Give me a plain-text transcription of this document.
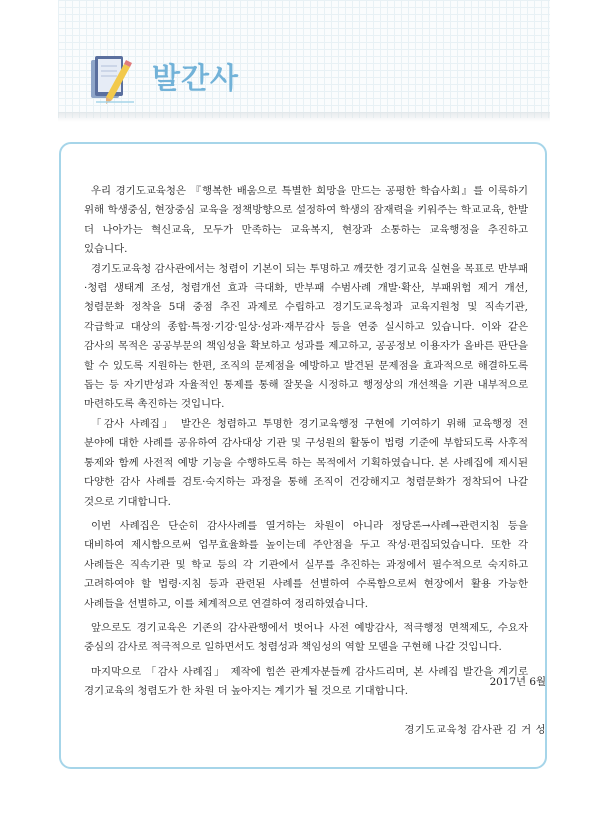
발간사

우리 경기도교육청은 『행복한 배움으로 특별한 희망을 만드는 공평한 학습사회』를 이룩하기 위해 학생중심, 현장중심 교육을 정책방향으로 설정하여 학생의 잠재력을 키워주는 학교교육, 한발 더 나아가는 혁신교육, 모두가 만족하는 교육복지, 현장과 소통하는 교육행정을 추진하고 있습니다.

경기도교육청 감사관에서는 청렴이 기본이 되는 투명하고 깨끗한 경기교육 실현을 목표로 반부패·청렴 생태계 조성, 청렴개선 효과 극대화, 반부패 수범사례 개발·확산, 부패위험 제거 개선, 청렴문화 정착을 5대 중점 추진 과제로 수립하고 경기도교육청과 교육지원청 및 직속기관, 각급학교 대상의 종합·특정·기강·일상·성과·재무감사 등을 연중 실시하고 있습니다. 이와 같은 감사의 목적은 공공부문의 책임성을 확보하고 성과를 제고하고, 공공정보 이용자가 올바른 판단을 할 수 있도록 지원하는 한편, 조직의 문제점을 예방하고 발견된 문제점을 효과적으로 해결하도록 돕는 등 자기반성과 자율적인 통제를 통해 잘못을 시정하고 행정상의 개선책을 기관 내부적으로 마련하도록 촉진하는 것입니다.

「감사 사례집」 발간은 청렴하고 투명한 경기교육행정 구현에 기여하기 위해 교육행정 전 분야에 대한 사례를 공유하여 감사대상 기관 및 구성원의 활동이 법령 기준에 부합되도록 사후적 통제와 함께 사전적 예방 기능을 수행하도록 하는 목적에서 기획하였습니다. 본 사례집에 제시된 다양한 감사 사례를 검토·숙지하는 과정을 통해 조직이 건강해지고 청렴문화가 정착되어 나갈 것으로 기대합니다.

이번 사례집은 단순히 감사사례를 열거하는 차원이 아니라 정당론→사례→관련지침 등을 대비하여 제시함으로써 업무효율화를 높이는데 주안점을 두고 작성·편집되었습니다. 또한 각 사례들은 직속기관 및 학교 등의 각 기관에서 실무를 추진하는 과정에서 필수적으로 숙지하고 고려하여야 할 법령·지침 등과 관련된 사례를 선별하여 수록함으로써 현장에서 활용 가능한 사례들을 선별하고, 이를 체계적으로 연결하여 정리하였습니다.

앞으로도 경기교육은 기존의 감사관행에서 벗어나 사전 예방감사, 적극행정 면책제도, 수요자 중심의 감사로 적극적으로 일하면서도 청렴성과 책임성의 역할 모델을 구현해 나갈 것입니다.

마지막으로 「감사 사례집」 제작에 힘쓴 관계자분들께 감사드리며, 본 사례집 발간을 계기로 경기교육의 청렴도가 한 차원 더 높아지는 계기가 될 것으로 기대합니다.

2017년 6월
경기도교육청 감사관 김 거 성
